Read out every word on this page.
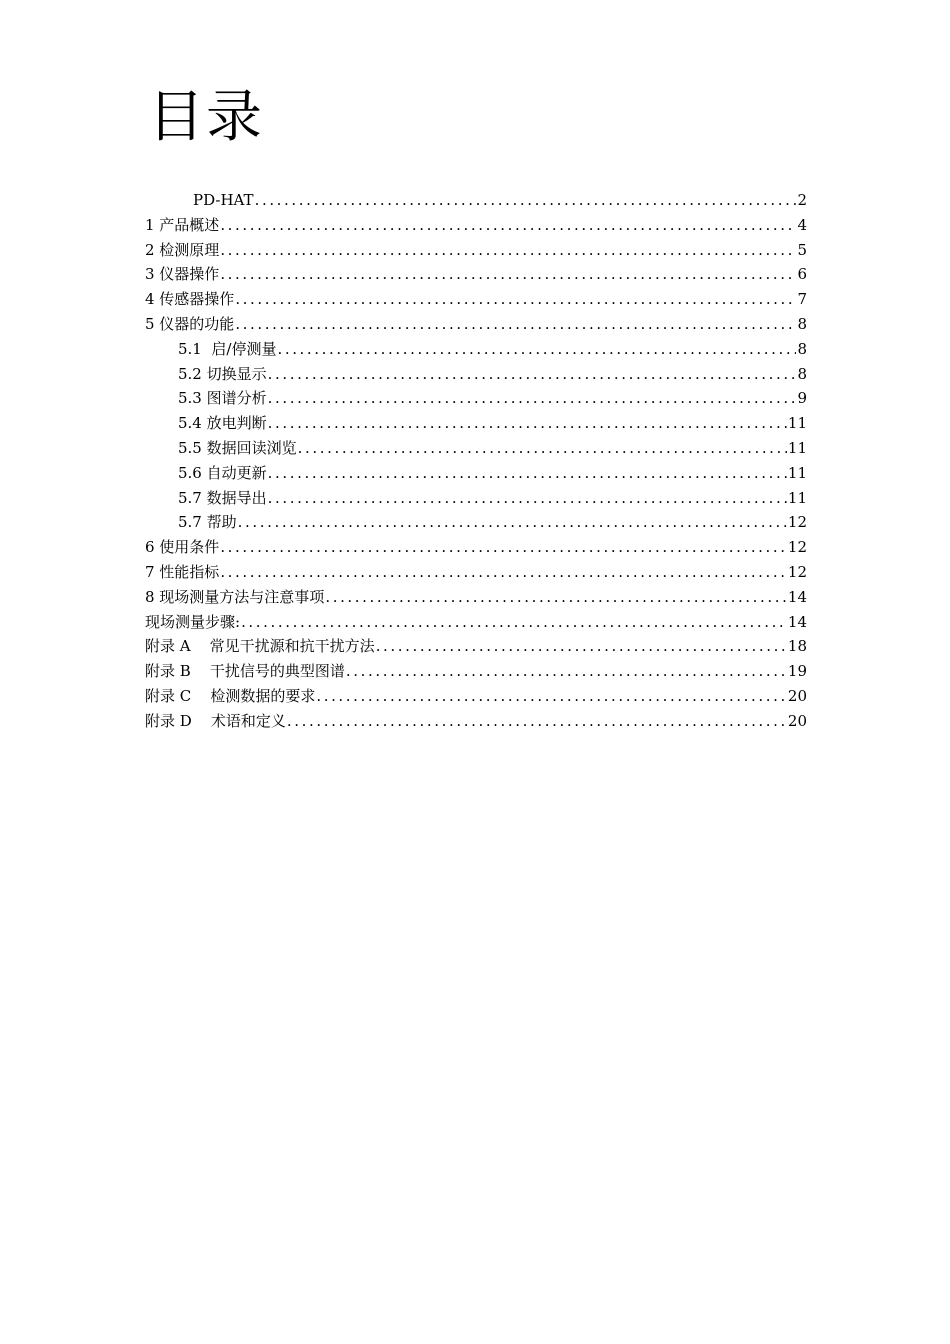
目录
PD-HAT .....	2
1 产品概述 .....	4
2 检测原理 .....	5
3 仪器操作 .....	6
4 传感器操作 .....	7
5 仪器的功能 .....	8
5.1  启/停测量 .....	8
5.2 切换显示 .....	8
5.3 图谱分析 .....	9
5.4 放电判断 .....	11
5.5 数据回读浏览 .....	11
5.6 自动更新 .....	11
5.7 数据导出 .....	11
5.7 帮助 .....	12
6 使用条件 .....	12
7 性能指标 .....	12
8 现场测量方法与注意事项 .....	14
现场测量步骤: .....	14
附录 A    常见干扰源和抗干扰方法 .....	18
附录 B    干扰信号的典型图谱 .....	19
附录 C    检测数据的要求 .....	20
附录 D    术语和定义 .....	20
